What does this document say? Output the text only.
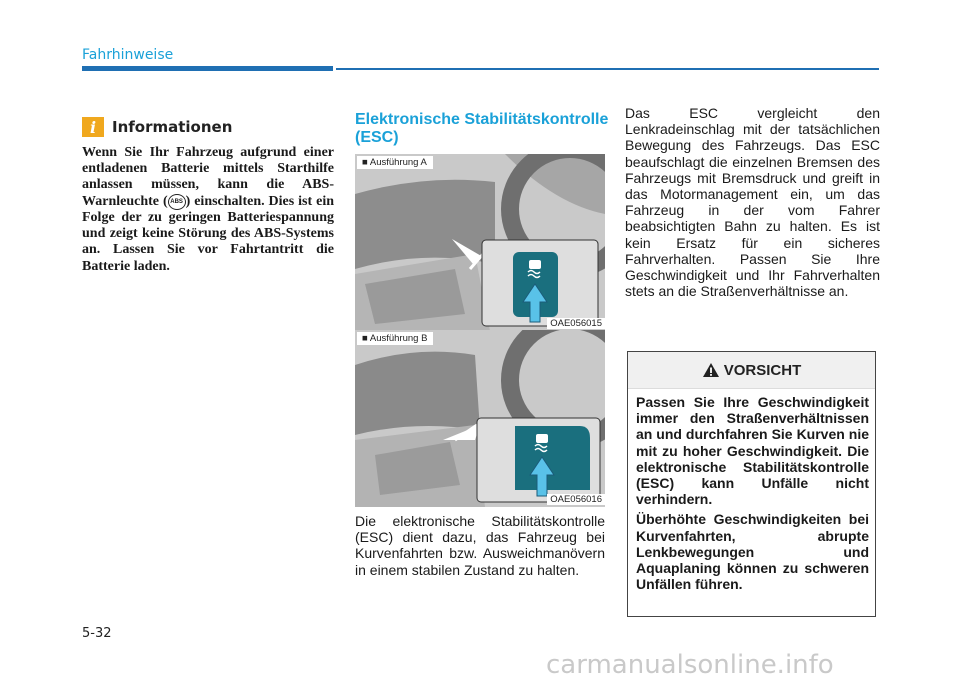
Fahrhinweise
i	Informationen
Wenn Sie Ihr Fahrzeug aufgrund einer entladenen Batterie mittels Starthilfe anlassen müssen, kann die ABS-Warnleuchte ( ABS ) einschalten. Dies ist ein Folge der zu geringen Batteriespannung und zeigt keine Störung des ABS-Systems an. Lassen Sie vor Fahrtantritt die Batterie laden.
Elektronische Stabilitätskontrolle (ESC)
■ Ausführung A
OAE056015
■ Ausführung B
OAE056016
Die elektronische Stabilitätskontrolle (ESC) dient dazu, das Fahrzeug bei Kurvenfahrten bzw. Ausweichmanövern in einem stabilen Zustand zu halten.
Das ESC vergleicht den Lenkradeinschlag mit der tatsächlichen Bewegung des Fahrzeugs. Das ESC beaufschlagt die einzelnen Bremsen des Fahrzeugs mit Bremsdruck und greift in das Motormanagement ein, um das Fahrzeug in der vom Fahrer beabsichtigten Bahn zu halten. Es ist kein Ersatz für ein sicheres Fahrverhalten. Passen Sie Ihre Geschwindigkeit und Ihr Fahrverhalten stets an die Straßenverhältnisse an.
VORSICHT

Passen Sie Ihre Geschwindigkeit immer den Straßenverhältnissen an und durchfahren Sie Kurven nie mit zu hoher Geschwindigkeit. Die elektronische Stabilitätskontrolle (ESC) kann Unfälle nicht verhindern.

Überhöhte Geschwindigkeiten bei Kurvenfahrten, abrupte Lenkbewegungen und Aquaplaning können zu schweren Unfällen führen.

5-32
carmanualsonline.info
